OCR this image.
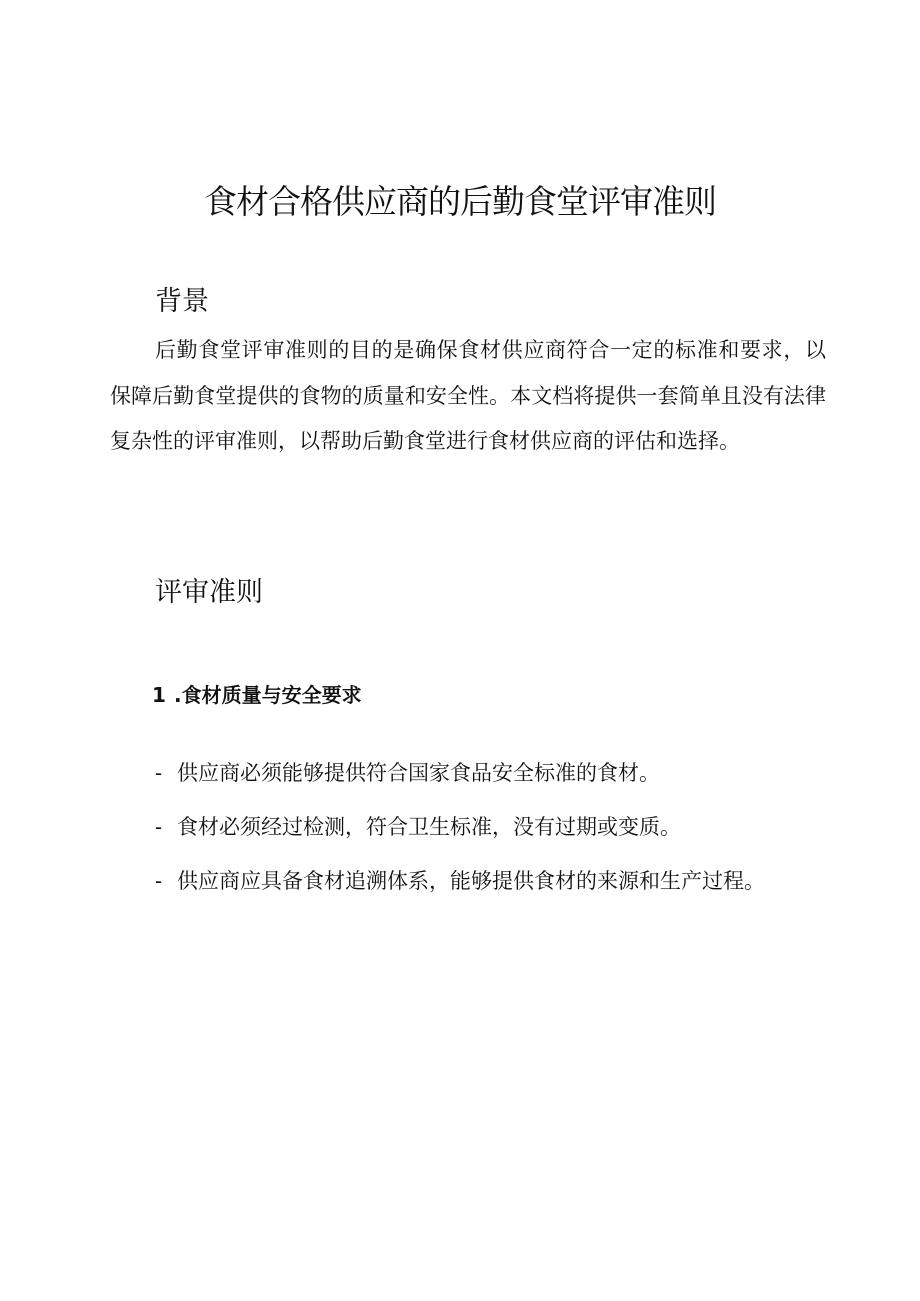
食材合格供应商的后勤食堂评审准则
背景

后勤食堂评审准则的目的是确保食材供应商符合一定的标准和要求，以保障后勤食堂提供的食物的质量和安全性。本文档将提供一套简单且没有法律复杂性的评审准则，以帮助后勤食堂进行食材供应商的评估和选择。

评审准则
1 .食材质量与安全要求
- 供应商必须能够提供符合国家食品安全标准的食材。
- 食材必须经过检测，符合卫生标准，没有过期或变质。
- 供应商应具备食材追溯体系，能够提供食材的来源和生产过程。
